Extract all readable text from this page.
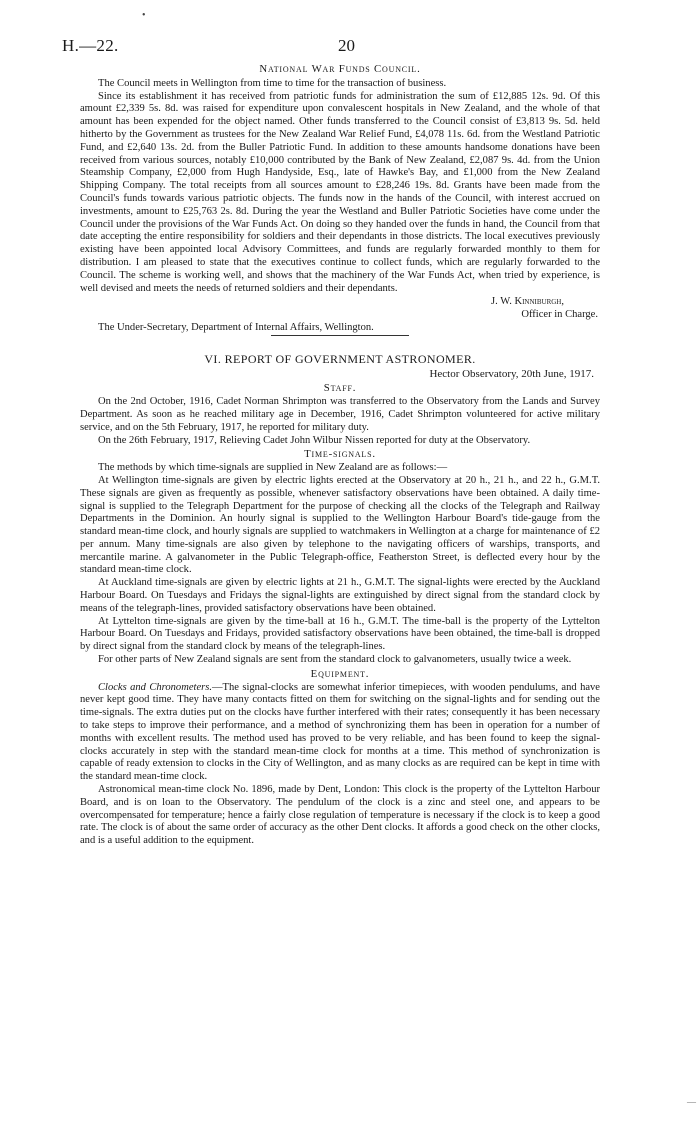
•
H.—22.	20
National War Funds Council.

The Council meets in Wellington from time to time for the transaction of business.

Since its establishment it has received from patriotic funds for administration the sum of £12,885 12s. 9d. Of this amount £2,339 5s. 8d. was raised for expenditure upon convalescent hospitals in New Zealand, and the whole of that amount has been expended for the object named. Other funds transferred to the Council consist of £3,813 9s. 5d. held hitherto by the Government as trustees for the New Zealand War Relief Fund, £4,078 11s. 6d. from the Westland Patriotic Fund, and £2,640 13s. 2d. from the Buller Patriotic Fund. In addition to these amounts handsome donations have been received from various sources, notably £10,000 contributed by the Bank of New Zealand, £2,087 9s. 4d. from the Union Steamship Company, £2,000 from Hugh Handyside, Esq., late of Hawke's Bay, and £1,000 from the New Zealand Shipping Company. The total receipts from all sources amount to £28,246 19s. 8d. Grants have been made from the Council's funds towards various patriotic objects. The funds now in the hands of the Council, with interest accrued on investments, amount to £25,763 2s. 8d. During the year the Westland and Buller Patriotic Societies have come under the Council under the provisions of the War Funds Act. On doing so they handed over the funds in hand, the Council from that date accepting the entire responsibility for soldiers and their dependants in those districts. The local executives previously existing have been appointed local Advisory Committees, and funds are regularly forwarded monthly to them for distribution. I am pleased to state that the executives continue to collect funds, which are regularly forwarded to the Council. The scheme is working well, and shows that the machinery of the War Funds Act, when tried by experience, is well devised and meets the needs of returned soldiers and their dependants.

J. W. Kinniburgh,
Officer in Charge.

The Under-Secretary, Department of Internal Affairs, Wellington.

VI. REPORT OF GOVERNMENT ASTRONOMER.
Hector Observatory, 20th June, 1917.
Staff.

On the 2nd October, 1916, Cadet Norman Shrimpton was transferred to the Observatory from the Lands and Survey Department. As soon as he reached military age in December, 1916, Cadet Shrimpton volunteered for active military service, and on the 5th February, 1917, he reported for military duty.

On the 26th February, 1917, Relieving Cadet John Wilbur Nissen reported for duty at the Observatory.

Time-signals.

The methods by which time-signals are supplied in New Zealand are as follows:—

At Wellington time-signals are given by electric lights erected at the Observatory at 20 h., 21 h., and 22 h., G.M.T. These signals are given as frequently as possible, whenever satisfactory observations have been obtained. A daily time-signal is supplied to the Telegraph Department for the purpose of checking all the clocks of the Telegraph and Railway Departments in the Dominion. An hourly signal is supplied to the Wellington Harbour Board's tide-gauge from the standard mean-time clock, and hourly signals are supplied to watchmakers in Wellington at a charge for maintenance of £2 per annum. Many time-signals are also given by telephone to the navigating officers of warships, transports, and mercantile marine. A galvanometer in the Public Telegraph-office, Featherston Street, is deflected every hour by the standard mean-time clock.

At Auckland time-signals are given by electric lights at 21 h., G.M.T. The signal-lights were erected by the Auckland Harbour Board. On Tuesdays and Fridays the signal-lights are extinguished by direct signal from the standard clock by means of the telegraph-lines, provided satisfactory observations have been obtained.

At Lyttelton time-signals are given by the time-ball at 16 h., G.M.T. The time-ball is the property of the Lyttelton Harbour Board. On Tuesdays and Fridays, provided satisfactory observations have been obtained, the time-ball is dropped by direct signal from the standard clock by means of the telegraph-lines.

For other parts of New Zealand signals are sent from the standard clock to galvanometers, usually twice a week.

Equipment.

Clocks and Chronometers.—The signal-clocks are somewhat inferior timepieces, with wooden pendulums, and have never kept good time. They have many contacts fitted on them for switching on the signal-lights and for sending out the time-signals. The extra duties put on the clocks have further interfered with their rates; consequently it has been necessary to take steps to improve their performance, and a method of synchronizing them has been in operation for a number of months with excellent results. The method used has proved to be very reliable, and has been found to keep the signal-clocks accurately in step with the standard mean-time clock for months at a time. This method of synchronization is capable of ready extension to clocks in the City of Wellington, and as many clocks as are required can be kept in time with the standard mean-time clock.

Astronomical mean-time clock No. 1896, made by Dent, London: This clock is the property of the Lyttelton Harbour Board, and is on loan to the Observatory. The pendulum of the clock is a zinc and steel one, and appears to be overcompensated for temperature; hence a fairly close regulation of temperature is necessary if the clock is to keep a good rate. The clock is of about the same order of accuracy as the other Dent clocks. It affords a good check on the other clocks, and is a useful addition to the equipment.

—
